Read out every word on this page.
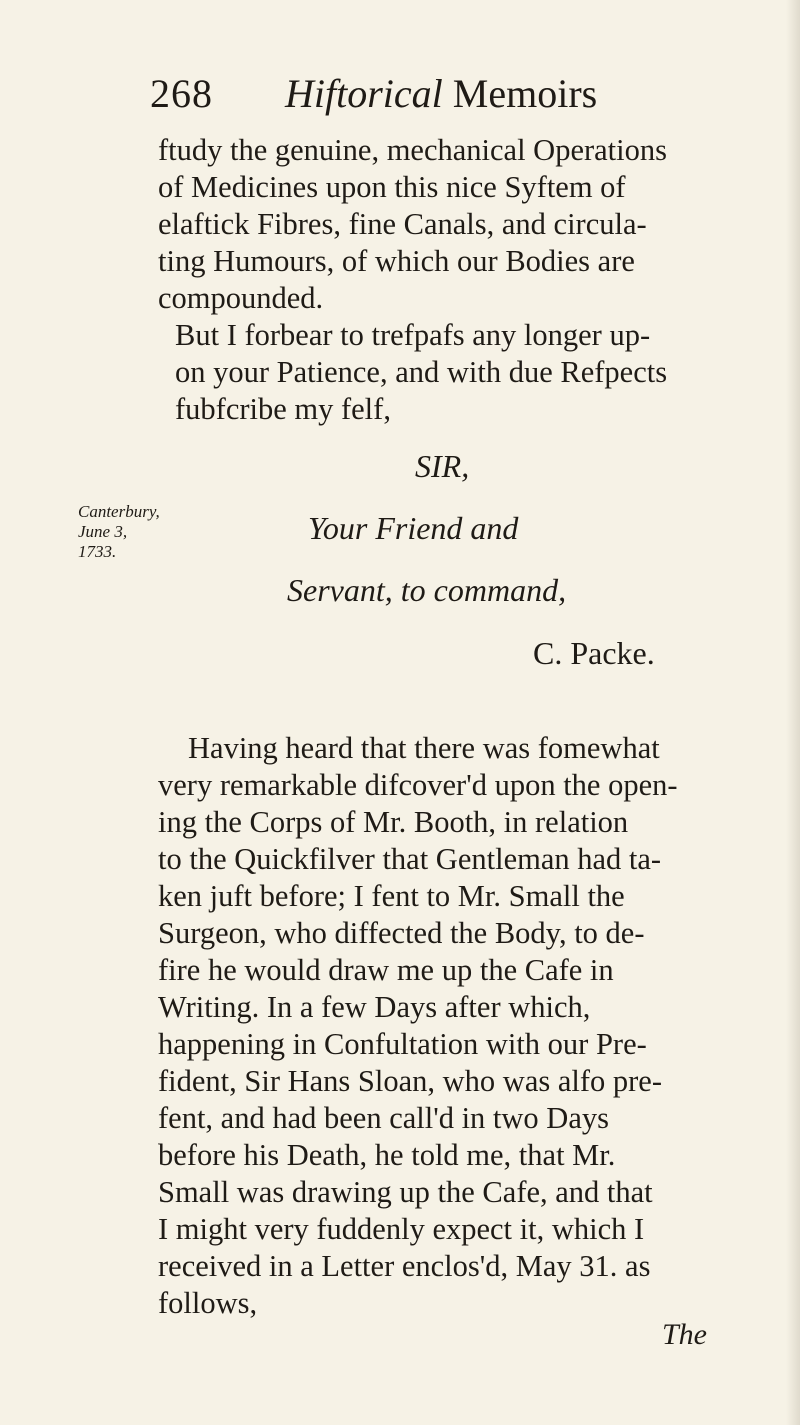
268 Hiftorical Memoirs
ftudy the genuine, mechanical Operations
of Medicines upon this nice Syftem of
elaftick Fibres, fine Canals, and circula-
ting Humours, of which our Bodies are
compounded.
But I forbear to trefpafs any longer up-
on your Patience, and with due Refpects
fubfcribe my felf,
SIR,
Your Friend and
Servant, to command,
Canterbury,
June 3,
1733.
C. Packe.
Having heard that there was fomewhat
very remarkable difcover'd upon the open-
ing the Corps of Mr. Booth, in relation
to the Quickfilver that Gentleman had ta-
ken juft before; I fent to Mr. Small the
Surgeon, who diffected the Body, to de-
fire he would draw me up the Cafe in
Writing. In a few Days after which,
happening in Confultation with our Pre-
fident, Sir Hans Sloan, who was alfo pre-
fent, and had been call'd in two Days
before his Death, he told me, that Mr.
Small was drawing up the Cafe, and that
I might very fuddenly expect it, which I
received in a Letter enclos'd, May 31. as
follows,
The
